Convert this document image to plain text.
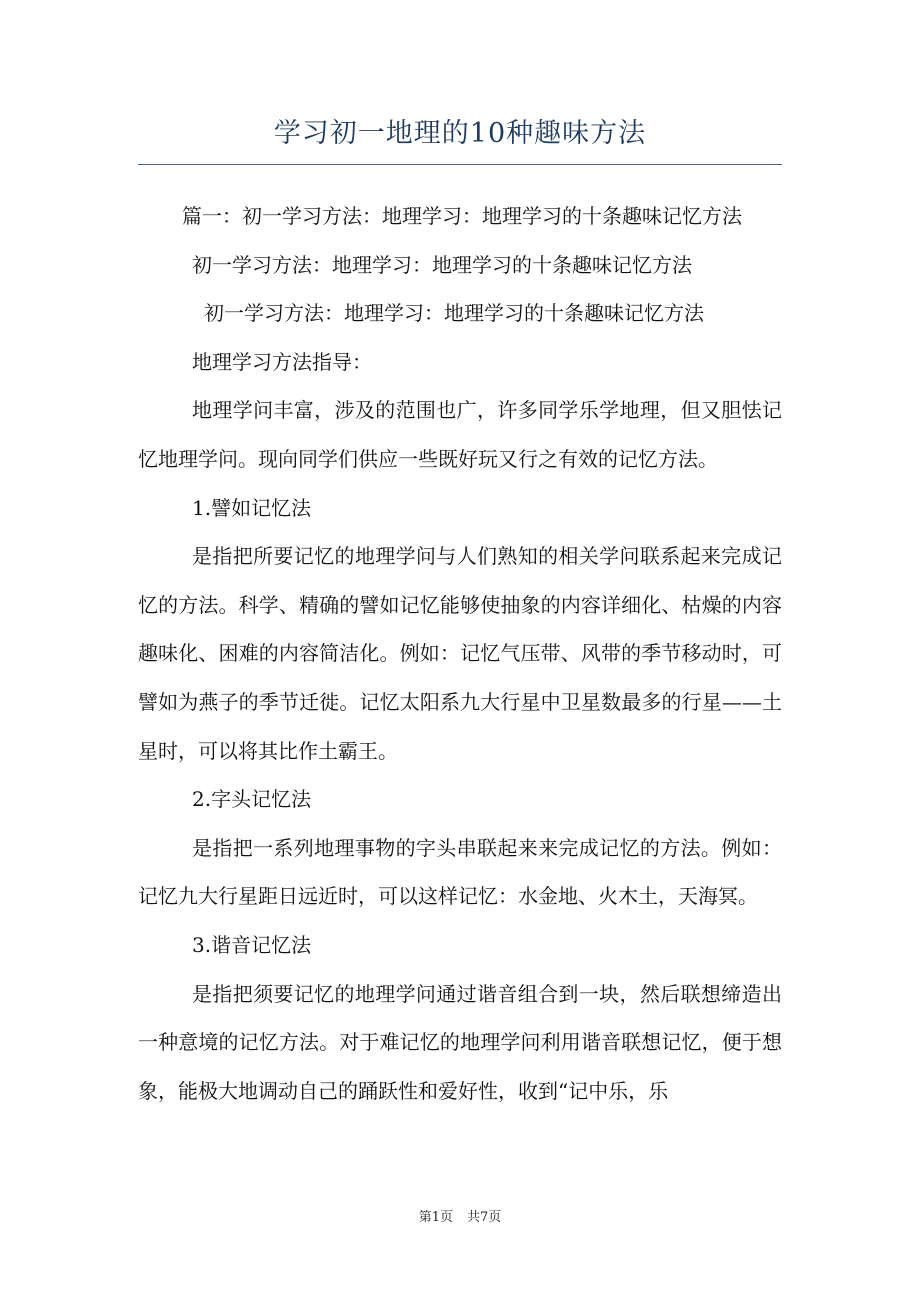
学习初一地理的10种趣味方法

篇一：初一学习方法：地理学习：地理学习的十条趣味记忆方法

初一学习方法：地理学习：地理学习的十条趣味记忆方法

初一学习方法：地理学习：地理学习的十条趣味记忆方法

地理学习方法指导：

地理学问丰富，涉及的范围也广，许多同学乐学地理，但又胆怯记忆地理学问。现向同学们供应一些既好玩又行之有效的记忆方法。

1.譬如记忆法

是指把所要记忆的地理学问与人们熟知的相关学问联系起来完成记忆的方法。科学、精确的譬如记忆能够使抽象的内容详细化、枯燥的内容趣味化、困难的内容简洁化。例如：记忆气压带、风带的季节移动时，可譬如为燕子的季节迁徙。记忆太阳系九大行星中卫星数最多的行星——土星时，可以将其比作土霸王。

2.字头记忆法

是指把一系列地理事物的字头串联起来来完成记忆的方法。例如：记忆九大行星距日远近时，可以这样记忆：水金地、火木土，天海冥。

3.谐音记忆法

是指把须要记忆的地理学问通过谐音组合到一块，然后联想缔造出一种意境的记忆方法。对于难记忆的地理学问利用谐音联想记忆，便于想象，能极大地调动自己的踊跃性和爱好性，收到“记中乐，乐

第1页 共7页
